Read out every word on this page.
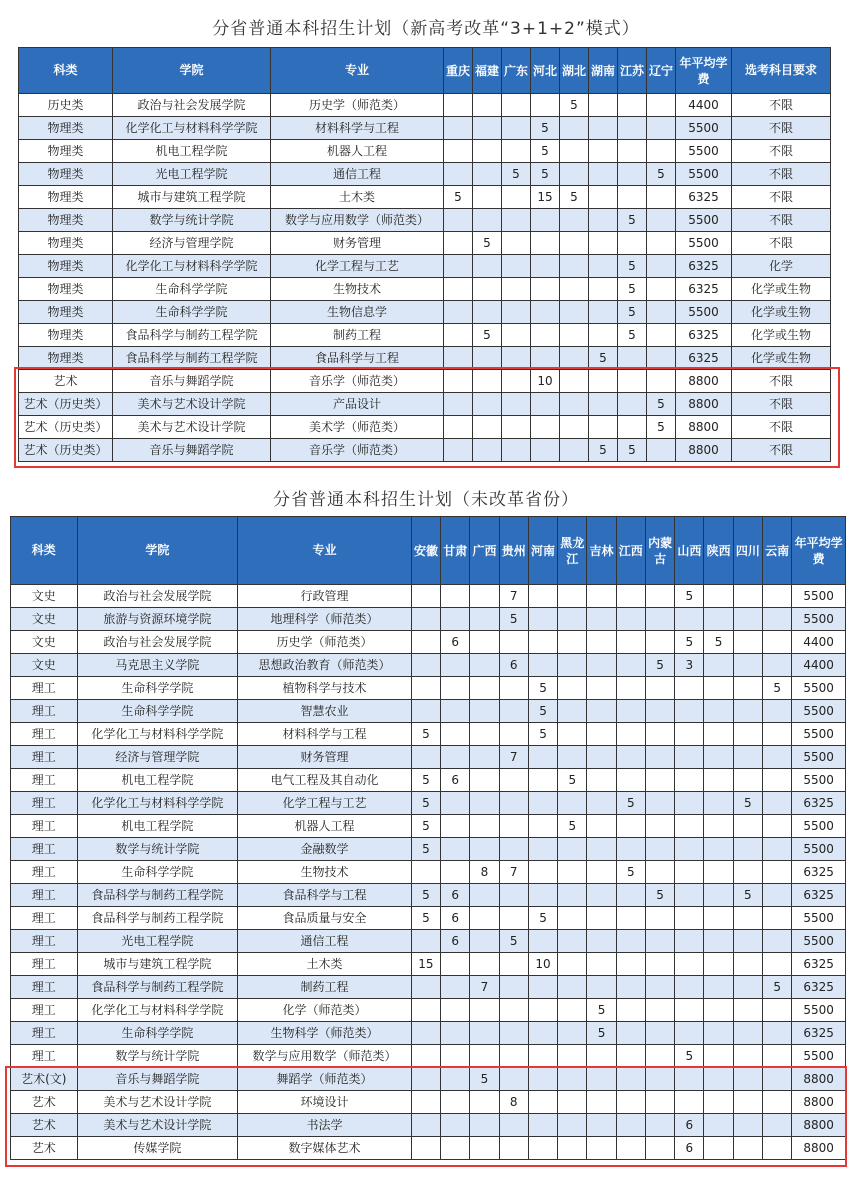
分省普通本科招生计划（新高考改革“3+1+2”模式）
科类	学院	专业	重庆	福建	广东	河北	湖北	湖南	江苏	辽宁	年平均学费	选考科目要求
历史类	政治与社会发展学院	历史学（师范类）					5				4400	不限
物理类	化学化工与材料科学学院	材料科学与工程				5					5500	不限
物理类	机电工程学院	机器人工程				5					5500	不限
物理类	光电工程学院	通信工程			5	5				5	5500	不限
物理类	城市与建筑工程学院	土木类	5			15	5				6325	不限
物理类	数学与统计学院	数学与应用数学（师范类）							5		5500	不限
物理类	经济与管理学院	财务管理		5							5500	不限
物理类	化学化工与材料科学学院	化学工程与工艺							5		6325	化学
物理类	生命科学学院	生物技术							5		6325	化学或生物
物理类	生命科学学院	生物信息学							5		5500	化学或生物
物理类	食品科学与制药工程学院	制药工程		5					5		6325	化学或生物
物理类	食品科学与制药工程学院	食品科学与工程						5			6325	化学或生物
艺术	音乐与舞蹈学院	音乐学（师范类）				10					8800	不限
艺术（历史类）	美术与艺术设计学院	产品设计								5	8800	不限
艺术（历史类）	美术与艺术设计学院	美术学（师范类）								5	8800	不限
艺术（历史类）	音乐与舞蹈学院	音乐学（师范类）						5	5		8800	不限
分省普通本科招生计划（未改革省份）
科类	学院	专业	安徽	甘肃	广西	贵州	河南	黑龙江	吉林	江西	内蒙古	山西	陕西	四川	云南	年平均学费
文史	政治与社会发展学院	行政管理				7						5				5500
文史	旅游与资源环境学院	地理科学（师范类）				5										5500
文史	政治与社会发展学院	历史学（师范类）		6								5	5			4400
文史	马克思主义学院	思想政治教育（师范类）				6					5	3				4400
理工	生命科学学院	植物科学与技术					5								5	5500
理工	生命科学学院	智慧农业					5									5500
理工	化学化工与材料科学学院	材料科学与工程	5				5									5500
理工	经济与管理学院	财务管理				7										5500
理工	机电工程学院	电气工程及其自动化	5	6				5								5500
理工	化学化工与材料科学学院	化学工程与工艺	5							5				5		6325
理工	机电工程学院	机器人工程	5					5								5500
理工	数学与统计学院	金融数学	5													5500
理工	生命科学学院	生物技术			8	7				5						6325
理工	食品科学与制药工程学院	食品科学与工程	5	6							5			5		6325
理工	食品科学与制药工程学院	食品质量与安全	5	6			5									5500
理工	光电工程学院	通信工程		6		5										5500
理工	城市与建筑工程学院	土木类	15				10									6325
理工	食品科学与制药工程学院	制药工程			7										5	6325
理工	化学化工与材料科学学院	化学（师范类）							5							5500
理工	生命科学学院	生物科学（师范类）							5							6325
理工	数学与统计学院	数学与应用数学（师范类）										5				5500
艺术(文)	音乐与舞蹈学院	舞蹈学（师范类）			5											8800
艺术	美术与艺术设计学院	环境设计				8										8800
艺术	美术与艺术设计学院	书法学										6				8800
艺术	传媒学院	数字媒体艺术										6				8800
